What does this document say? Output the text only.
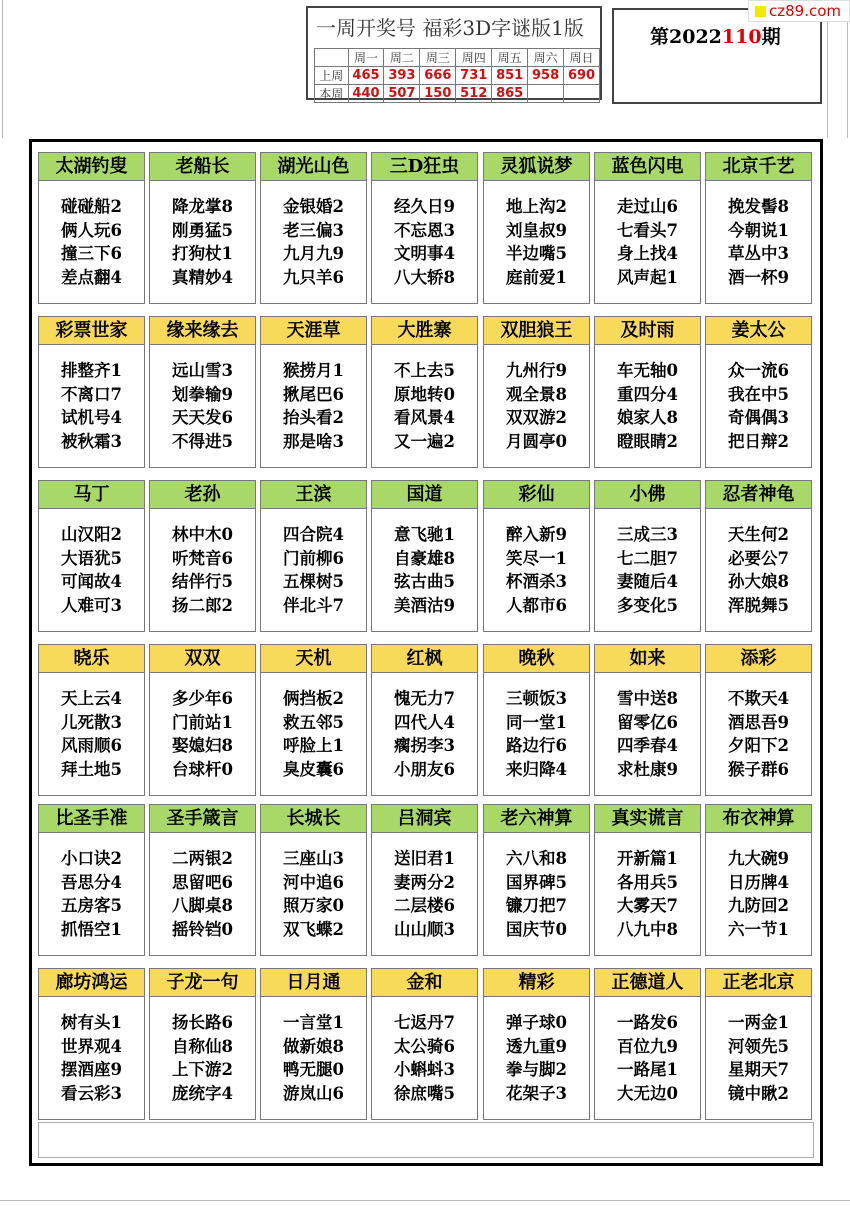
一周开奖号 福彩3D字谜版1版
	周一	周二	周三	周四	周五	周六	周日
上周	465	393	666	731	851	958	690
本周	440	507	150	512	865		
第2022110期
cz89.com
太湖钓叟
碰碰船2
俩人玩6
撞三下6
差点翻4
老船长
降龙掌8
刚勇猛5
打狗杖1
真精妙4
湖光山色
金银婚2
老三偏3
九月九9
九只羊6
三D狂虫
经久日9
不忘恩3
文明事4
八大轿8
灵狐说梦
地上沟2
刘皇叔9
半边嘴5
庭前爱1
蓝色闪电
走过山6
七看头7
身上找4
风声起1
北京千艺
挽发髻8
今朝说1
草丛中3
酒一杯9
彩票世家
排整齐1
不离口7
试机号4
被秋霜3
缘来缘去
远山雪3
划拳输9
天天发6
不得进5
天涯草
猴捞月1
揪尾巴6
抬头看2
那是啥3
大胜寨
不上去5
原地转0
看风景4
又一遍2
双胆狼王
九州行9
观全景8
双双游2
月圆亭0
及时雨
车无轴0
重四分4
娘家人8
瞪眼睛2
姜太公
众一流6
我在中5
奇偶偶3
把日辩2
马丁
山汉阳2
大语犹5
可闻故4
人难可3
老孙
林中木0
听梵音6
结伴行5
扬二郎2
王滨
四合院4
门前柳6
五棵树5
伴北斗7
国道
意飞驰1
自豪雄8
弦古曲5
美酒沽9
彩仙
醉入新9
笑尽一1
杯酒杀3
人都市6
小佛
三成三3
七二胆7
妻随后4
多变化5
忍者神龟
天生何2
必要公7
孙大娘8
浑脱舞5
晓乐
天上云4
儿死散3
风雨顺6
拜土地5
双双
多少年6
门前站1
娶媳妇8
台球杆0
天机
俩挡板2
救五邻5
呼脸上1
臭皮囊6
红枫
愧无力7
四代人4
瘸拐李3
小朋友6
晚秋
三顿饭3
同一堂1
路边行6
来归降4
如来
雪中送8
留零亿6
四季春4
求杜康9
添彩
不欺天4
酒思吾9
夕阳下2
猴子群6
比圣手准
小口诀2
吾思分4
五房客5
抓悟空1
圣手箴言
二两银2
思留吧6
八脚桌8
摇铃铛0
长城长
三座山3
河中追6
照万家0
双飞蝶2
吕洞宾
送旧君1
妻两分2
二层楼6
山山顺3
老六神算
六八和8
国界碑5
镰刀把7
国庆节0
真实谎言
开新篇1
各用兵5
大雾天7
八九中8
布衣神算
九大碗9
日历牌4
九防回2
六一节1
廊坊鸿运
树有头1
世界观4
摆酒座9
看云彩3
子龙一句
扬长路6
自称仙8
上下游2
庞统字4
日月通
一言堂1
做新娘8
鸭无腿0
游岚山6
金和
七返丹7
太公骑6
小蝌蚪3
徐庶嘴5
精彩
弹子球0
透九重9
拳与脚2
花架子3
正德道人
一路发6
百位九9
一路尾1
大无边0
正老北京
一两金1
河领先5
星期天7
镜中瞅2
